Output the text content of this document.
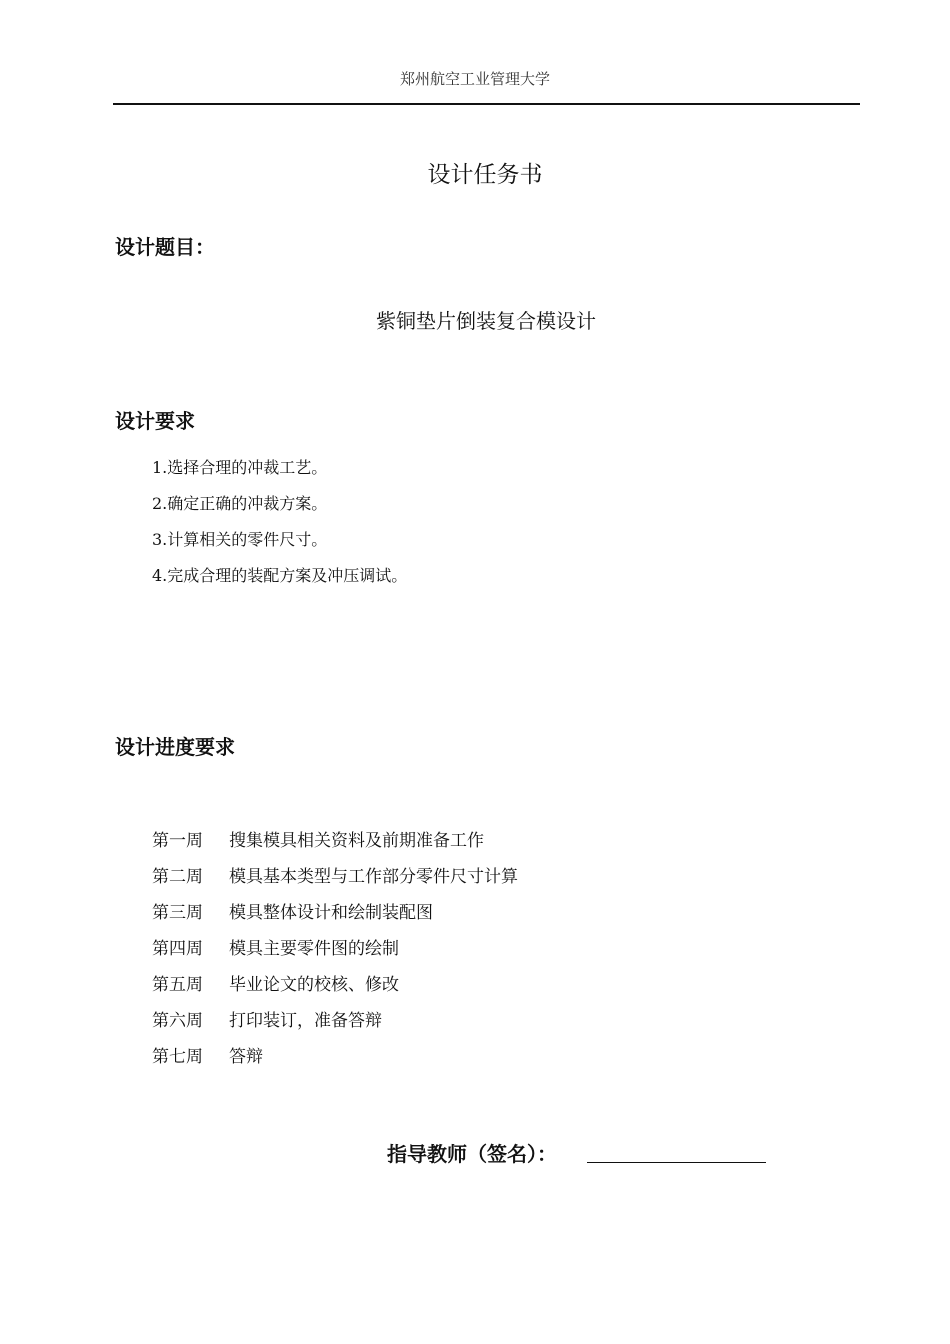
郑州航空工业管理大学
设计任务书
设计题目：
紫铜垫片倒装复合模设计
设计要求
1.选择合理的冲裁工艺。
2.确定正确的冲裁方案。
3.计算相关的零件尺寸。
4.完成合理的装配方案及冲压调试。
设计进度要求
第一周 搜集模具相关资料及前期准备工作
第二周 模具基本类型与工作部分零件尺寸计算
第三周 模具整体设计和绘制装配图
第四周 模具主要零件图的绘制
第五周 毕业论文的校核、修改
第六周 打印装订，准备答辩
第七周 答辩
指导教师（签名）：
